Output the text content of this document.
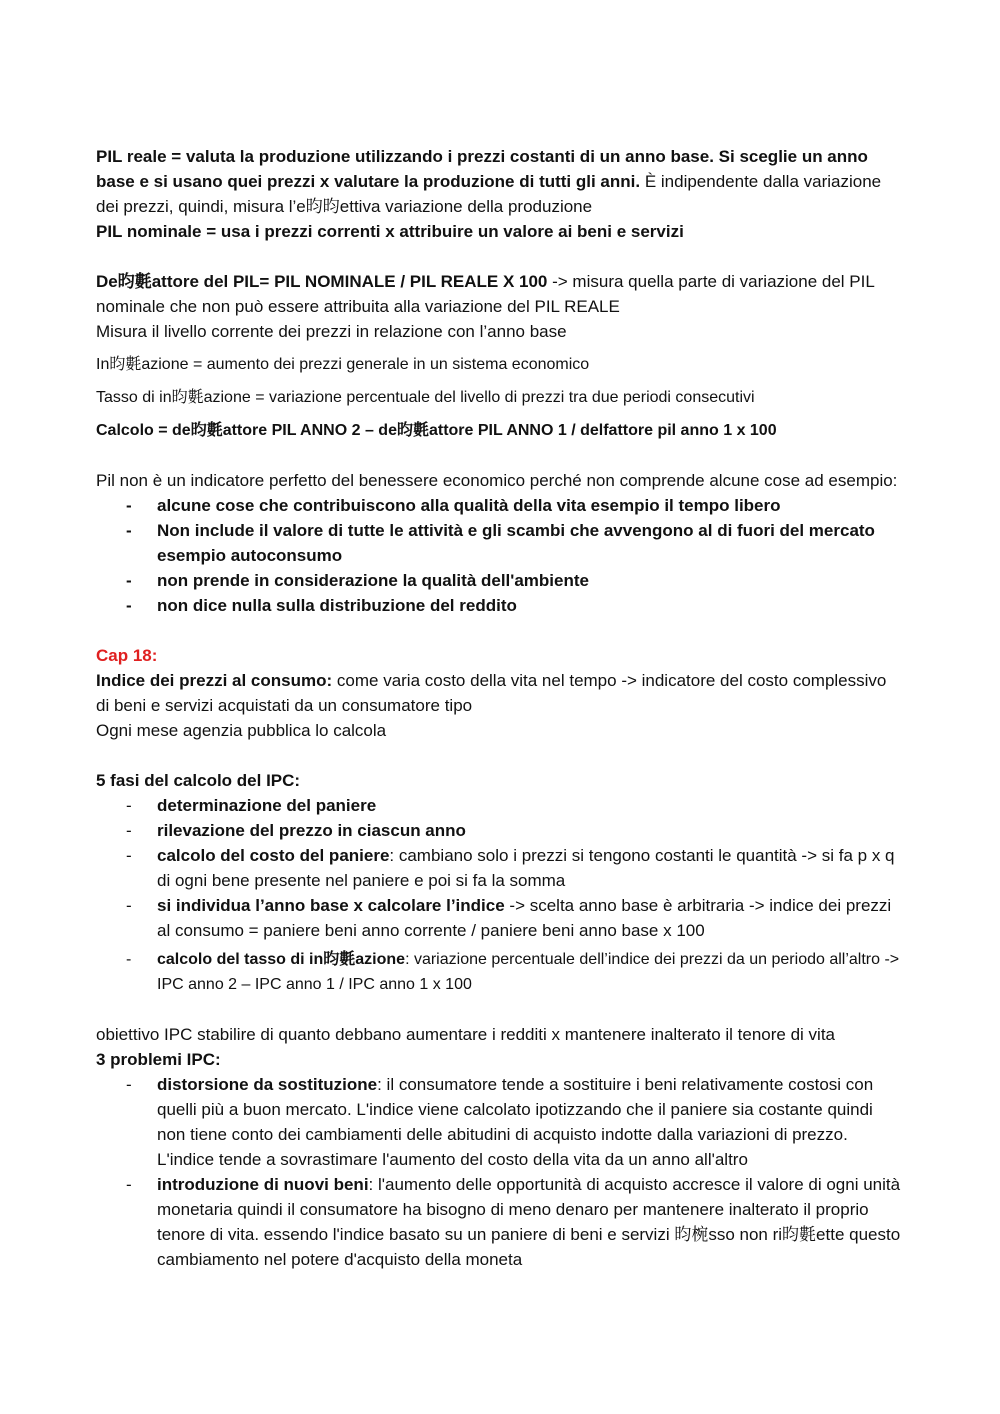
PIL reale = valuta la produzione utilizzando i prezzi costanti di un anno base. Si sceglie un anno base e si usano quei prezzi x valutare la produzione di tutti gli anni. È indipendente dalla variazione dei prezzi, quindi, misura l’e昀昀ettiva variazione della produzione

PIL nominale = usa i prezzi correnti x attribuire un valore ai beni e servizi

De昀氀attore del PIL= PIL NOMINALE / PIL REALE X 100 -> misura quella parte di variazione del PIL nominale che non può essere attribuita alla variazione del PIL REALE

Misura il livello corrente dei prezzi in relazione con l’anno base

In昀氀azione = aumento dei prezzi generale in un sistema economico

Tasso di in昀氀azione = variazione percentuale del livello di prezzi tra due periodi consecutivi

Calcolo = de昀氀attore PIL ANNO 2 – de昀氀attore PIL ANNO 1 / delfattore pil anno 1 x 100

Pil non è un indicatore perfetto del benessere economico perché non comprende alcune cose ad esempio:

- alcune cose che contribuiscono alla qualità della vita esempio il tempo libero
- Non include il valore di tutte le attività e gli scambi che avvengono al di fuori del mercato esempio autoconsumo
- non prende in considerazione la qualità dell'ambiente
- non dice nulla sulla distribuzione del reddito

Cap 18:

Indice dei prezzi al consumo: come varia costo della vita nel tempo -> indicatore del costo complessivo di beni e servizi acquistati da un consumatore tipo

Ogni mese agenzia pubblica lo calcola

5 fasi del calcolo del IPC:

- determinazione del paniere
- rilevazione del prezzo in ciascun anno
- calcolo del costo del paniere: cambiano solo i prezzi si tengono costanti le quantità -> si fa p x q di ogni bene presente nel paniere e poi si fa la somma
- si individua l’anno base x calcolare l’indice -> scelta anno base è arbitraria -> indice dei prezzi al consumo = paniere beni anno corrente / paniere beni anno base x 100
- calcolo del tasso di in昀氀azione: variazione percentuale dell’indice dei prezzi da un periodo all’altro -> IPC anno 2 – IPC anno 1 / IPC anno 1 x 100

obiettivo IPC stabilire di quanto debbano aumentare i redditi x mantenere inalterato il tenore di vita

3 problemi IPC:

- distorsione da sostituzione: il consumatore tende a sostituire i beni relativamente costosi con quelli più a buon mercato. L'indice viene calcolato ipotizzando che il paniere sia costante quindi non tiene conto dei cambiamenti delle abitudini di acquisto indotte dalla variazioni di prezzo. L'indice tende a sovrastimare l'aumento del costo della vita da un anno all'altro
- introduzione di nuovi beni: l'aumento delle opportunità di acquisto accresce il valore di ogni unità monetaria quindi il consumatore ha bisogno di meno denaro per mantenere inalterato il proprio tenore di vita. essendo l'indice basato su un paniere di beni e servizi 昀椀sso non ri昀氀ette questo cambiamento nel potere d'acquisto della moneta
